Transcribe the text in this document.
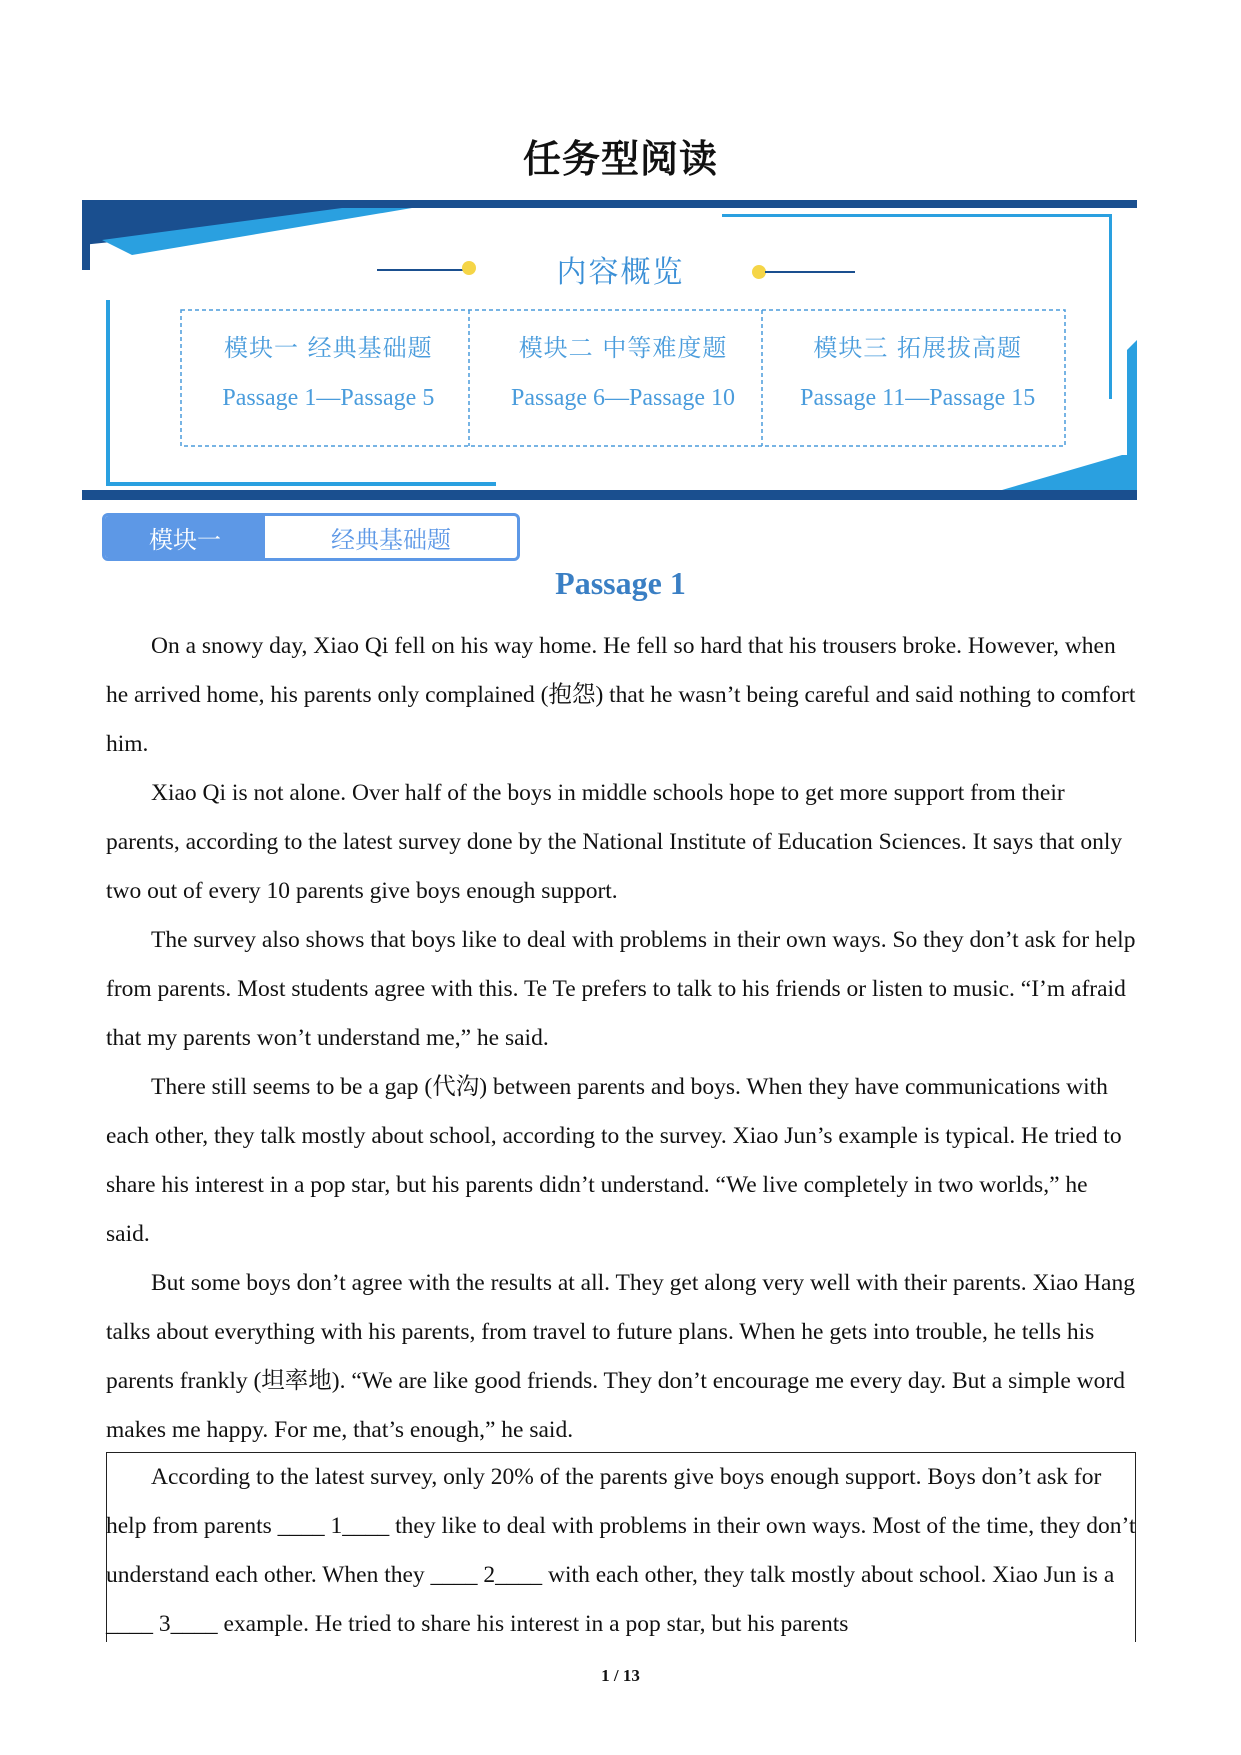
任务型阅读
内容概览
模块一 经典基础题
Passage 1—Passage 5
模块二 中等难度题
Passage 6—Passage 10
模块三 拓展拔高题
Passage 11—Passage 15
模块一	经典基础题
Passage 1

On a snowy day, Xiao Qi fell on his way home. He fell so hard that his trousers broke. However, when he arrived home, his parents only complained (抱怨) that he wasn’t being careful and said nothing to comfort him.

Xiao Qi is not alone. Over half of the boys in middle schools hope to get more support from their parents, according to the latest survey done by the National Institute of Education Sciences. It says that only two out of every 10 parents give boys enough support.

The survey also shows that boys like to deal with problems in their own ways. So they don’t ask for help from parents. Most students agree with this. Te Te prefers to talk to his friends or listen to music. “I’m afraid that my parents won’t understand me,” he said.

There still seems to be a gap (代沟) between parents and boys. When they have communications with each other, they talk mostly about school, according to the survey. Xiao Jun’s example is typical. He tried to share his interest in a pop star, but his parents didn’t understand. “We live completely in two worlds,” he said.

But some boys don’t agree with the results at all. They get along very well with their parents. Xiao Hang talks about everything with his parents, from travel to future plans. When he gets into trouble, he tells his parents frankly (坦率地). “We are like good friends. They don’t encourage me every day. But a simple word makes me happy. For me, that’s enough,” he said.

According to the latest survey, only 20% of the parents give boys enough support. Boys don’t ask for help from parents ____ 1____ they like to deal with problems in their own ways. Most of the time, they don’t understand each other. When they ____ 2____ with each other, they talk mostly about school. Xiao Jun is a ____ 3____ example. He tried to share his interest in a pop star, but his parents

1 / 13
